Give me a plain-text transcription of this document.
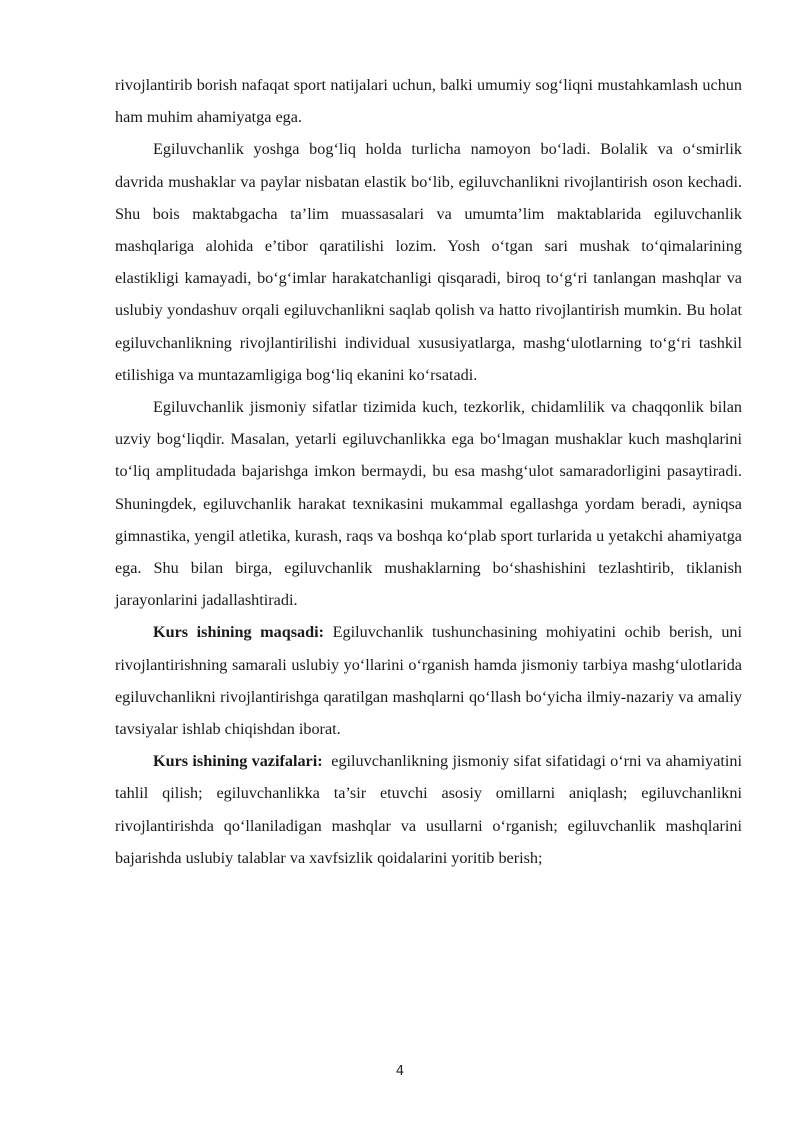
rivojlantirib borish nafaqat sport natijalari uchun, balki umumiy sog‘liqni mustahkamlash uchun ham muhim ahamiyatga ega.

Egiluvchanlik yoshga bog‘liq holda turlicha namoyon bo‘ladi. Bolalik va o‘smirlik davrida mushaklar va paylar nisbatan elastik bo‘lib, egiluvchanlikni rivojlantirish oson kechadi. Shu bois maktabgacha ta’lim muassasalari va umumta’lim maktablarida egiluvchanlik mashqlariga alohida e’tibor qaratilishi lozim. Yosh o‘tgan sari mushak to‘qimalarining elastikligi kamayadi, bo‘g‘imlar harakatchanligi qisqaradi, biroq to‘g‘ri tanlangan mashqlar va uslubiy yondashuv orqali egiluvchanlikni saqlab qolish va hatto rivojlantirish mumkin. Bu holat egiluvchanlikning rivojlantirilishi individual xususiyatlarga, mashg‘ulotlarning to‘g‘ri tashkil etilishiga va muntazamligiga bog‘liq ekanini ko‘rsatadi.

Egiluvchanlik jismoniy sifatlar tizimida kuch, tezkorlik, chidamlilik va chaqqonlik bilan uzviy bog‘liqdir. Masalan, yetarli egiluvchanlikka ega bo‘lmagan mushaklar kuch mashqlarini to‘liq amplitudada bajarishga imkon bermaydi, bu esa mashg‘ulot samaradorligini pasaytiradi. Shuningdek, egiluvchanlik harakat texnikasini mukammal egallashga yordam beradi, ayniqsa gimnastika, yengil atletika, kurash, raqs va boshqa ko‘plab sport turlarida u yetakchi ahamiyatga ega. Shu bilan birga, egiluvchanlik mushaklarning bo‘shashishini tezlashtirib, tiklanish jarayonlarini jadallashtiradi.

Kurs ishining maqsadi: Egiluvchanlik tushunchasining mohiyatini ochib berish, uni rivojlantirishning samarali uslubiy yo‘llarini o‘rganish hamda jismoniy tarbiya mashg‘ulotlarida egiluvchanlikni rivojlantirishga qaratilgan mashqlarni qo‘llash bo‘yicha ilmiy-nazariy va amaliy tavsiyalar ishlab chiqishdan iborat.

Kurs ishining vazifalari:  egiluvchanlikning jismoniy sifat sifatidagi o‘rni va ahamiyatini tahlil qilish; egiluvchanlikka ta’sir etuvchi asosiy omillarni aniqlash; egiluvchanlikni rivojlantirishda qo‘llaniladigan mashqlar va usullarni o‘rganish; egiluvchanlik mashqlarini bajarishda uslubiy talablar va xavfsizlik qoidalarini yoritib berish;

4
